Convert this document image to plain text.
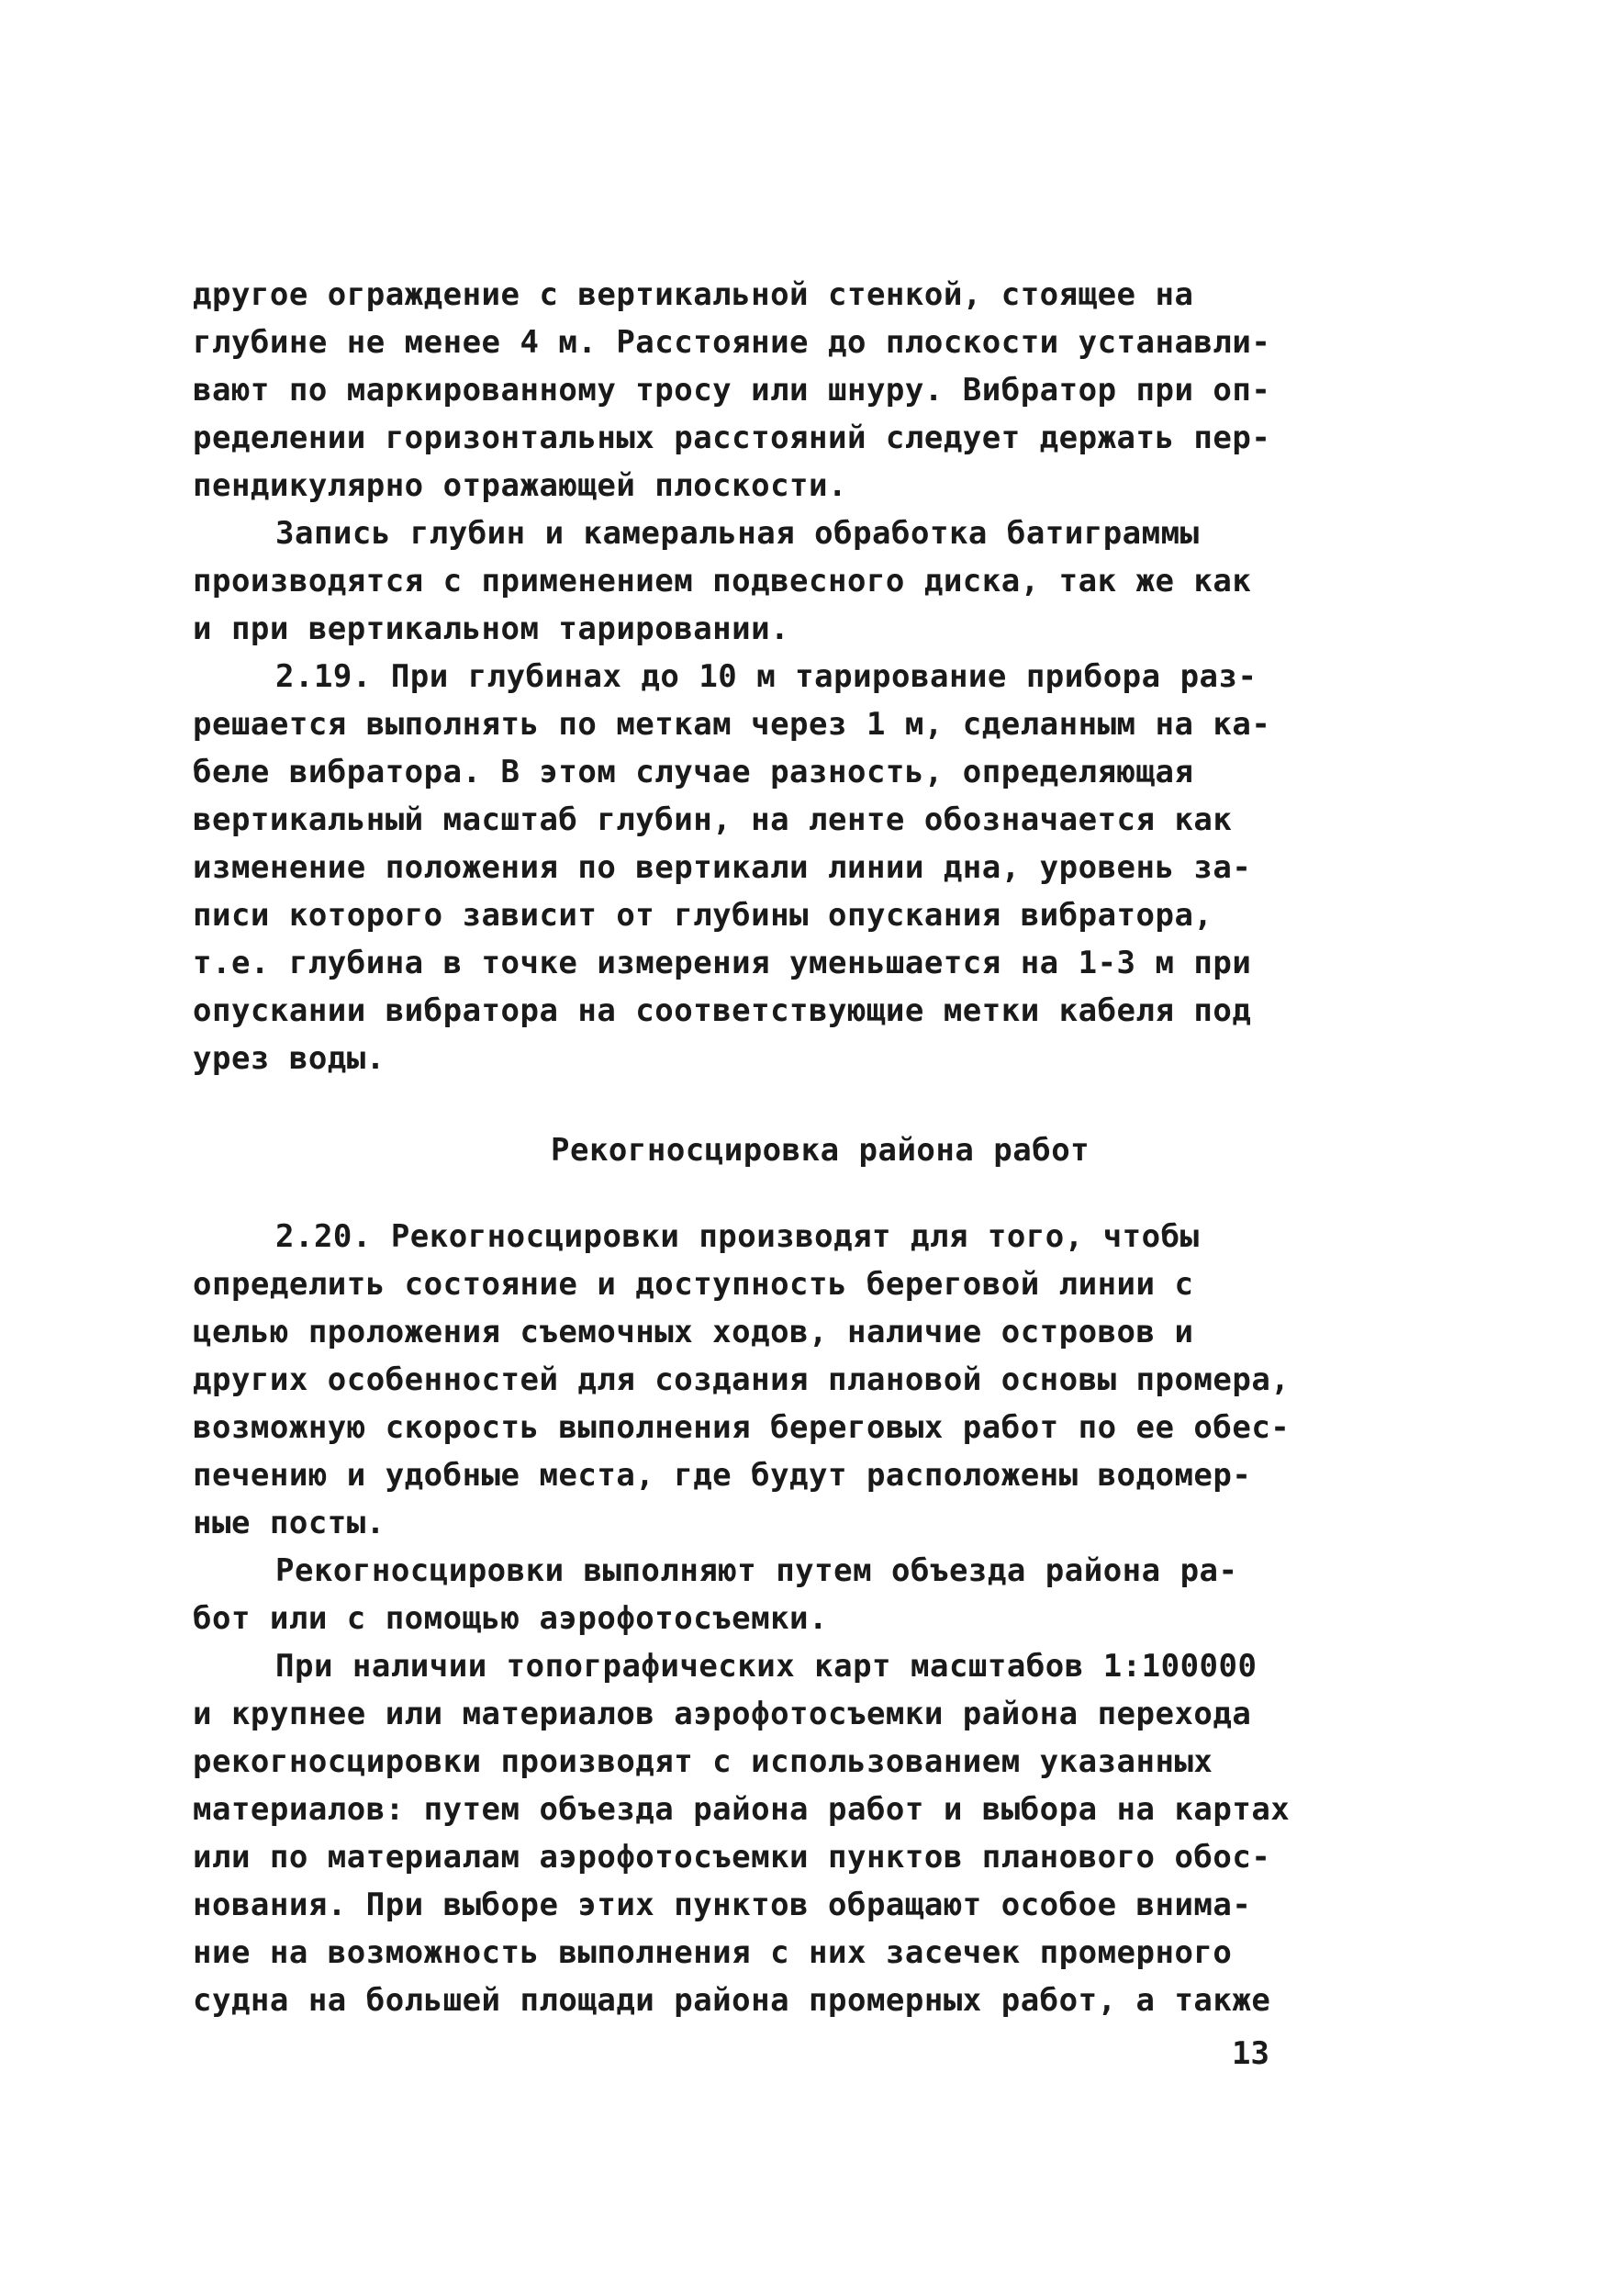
другое ограждение с вертикальной стенкой, стоящее на
глубине не менее 4 м. Расстояние до плоскости устанавли-
вают по маркированному тросу или шнуру. Вибратор при оп-
ределении горизонтальных расстояний следует держать пер-
пендикулярно отражающей плоскости.
Запись глубин и камеральная обработка батиграммы
производятся с применением подвесного диска, так же как
и при вертикальном тарировании.
2.19. При глубинах до 10 м тарирование прибора раз-
решается выполнять по меткам через 1 м, сделанным на ка-
беле вибратора. В этом случае разность, определяющая
вертикальный масштаб глубин, на ленте обозначается как
изменение положения по вертикали линии дна, уровень за-
писи которого зависит от глубины опускания вибратора,
т.е. глубина в точке измерения уменьшается на 1-3 м при
опускании вибратора на соответствующие метки кабеля под
урез воды.
Рекогносцировка района работ
2.20. Рекогносцировки производят для того, чтобы
определить состояние и доступность береговой линии с
целью проложения съемочных ходов, наличие островов и
других особенностей для создания плановой основы промера,
возможную скорость выполнения береговых работ по ее обес-
печению и удобные места, где будут расположены водомер-
ные посты.
Рекогносцировки выполняют путем объезда района ра-
бот или с помощью аэрофотосъемки.
При наличии топографических карт масштабов 1:100000
и крупнее или материалов аэрофотосъемки района перехода
рекогносцировки производят с использованием указанных
материалов: путем объезда района работ и выбора на картах
или по материалам аэрофотосъемки пунктов планового обос-
нования. При выборе этих пунктов обращают особое внима-
ние на возможность выполнения с них засечек промерного
судна на большей площади района промерных работ, а также
13
